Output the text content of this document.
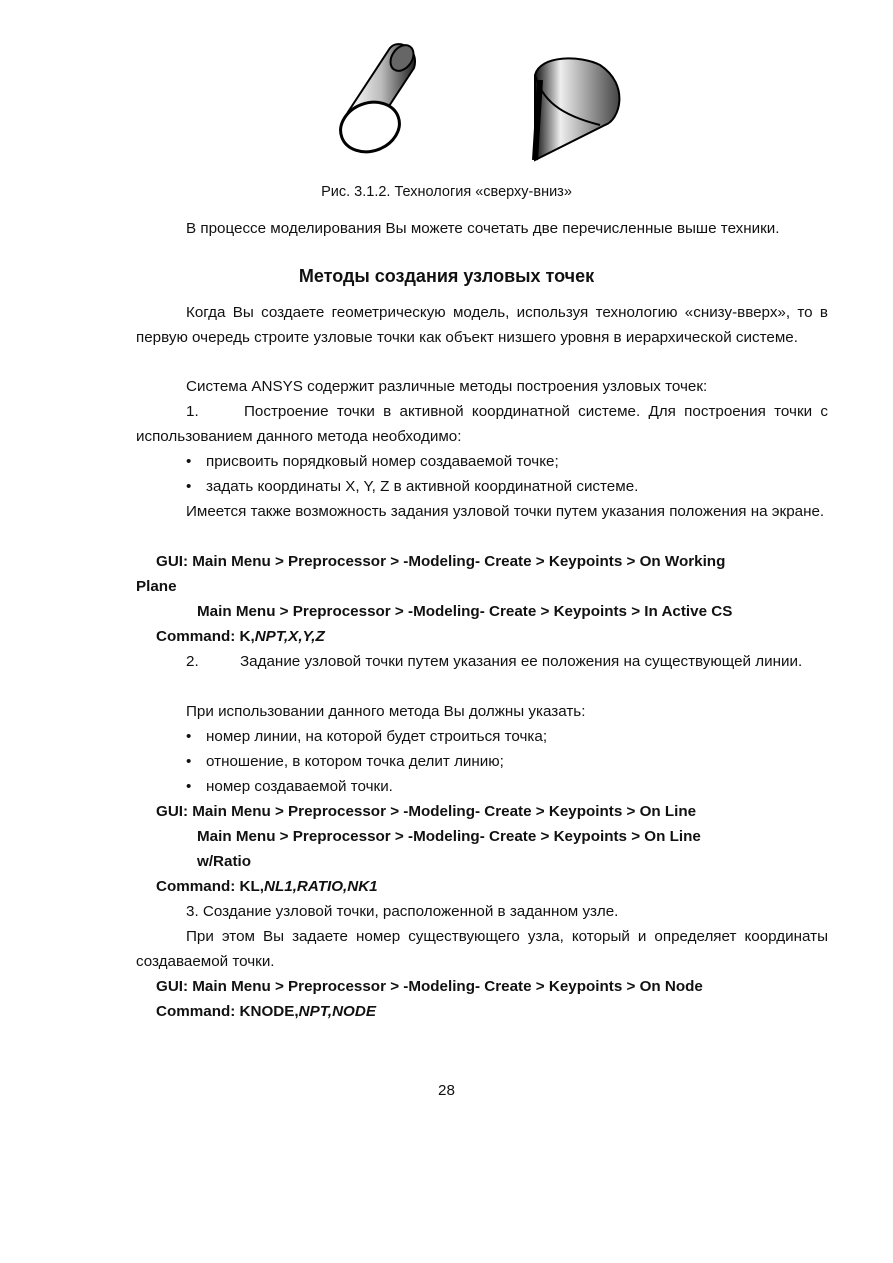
Рис. 3.1.2. Технология «сверху-вниз»
В процессе моделирования Вы можете сочетать две перечисленные выше техники.
Методы создания узловых точек
Когда Вы создаете геометрическую модель, используя технологию «снизу-вверх», то в первую очередь строите узловые точки как объект низшего уровня в иерархической системе.
Система ANSYS содержит различные методы построения узловых точек:
1.	Построение точки в активной координатной системе. Для построения точки с использованием данного метода необходимо:
• присвоить порядковый номер создаваемой точке;
• задать координаты X, Y, Z в активной координатной системе.
Имеется также возможность задания узловой точки путем указания положения на экране.
GUI: Main Menu > Preprocessor > -Modeling- Create > Keypoints > On Working
Plane
Main Menu > Preprocessor > -Modeling- Create > Keypoints > In Active CS
Command: K,NPT,X,Y,Z
2.	Задание узловой точки путем указания ее положения на существующей линии.
При использовании данного метода Вы должны указать:
• номер линии, на которой будет строиться точка;
• отношение, в котором точка делит линию;
• номер создаваемой точки.
GUI: Main Menu > Preprocessor > -Modeling- Create > Keypoints > On Line
Main Menu > Preprocessor > -Modeling- Create > Keypoints > On Line
w/Ratio
Command: KL,NL1,RATIO,NK1
3. Создание узловой точки, расположенной в заданном узле.
При этом Вы задаете номер существующего узла, который и определяет координаты создаваемой точки.
GUI: Main Menu > Preprocessor > -Modeling- Create > Keypoints > On Node
Command: KNODE,NPT,NODE
28
